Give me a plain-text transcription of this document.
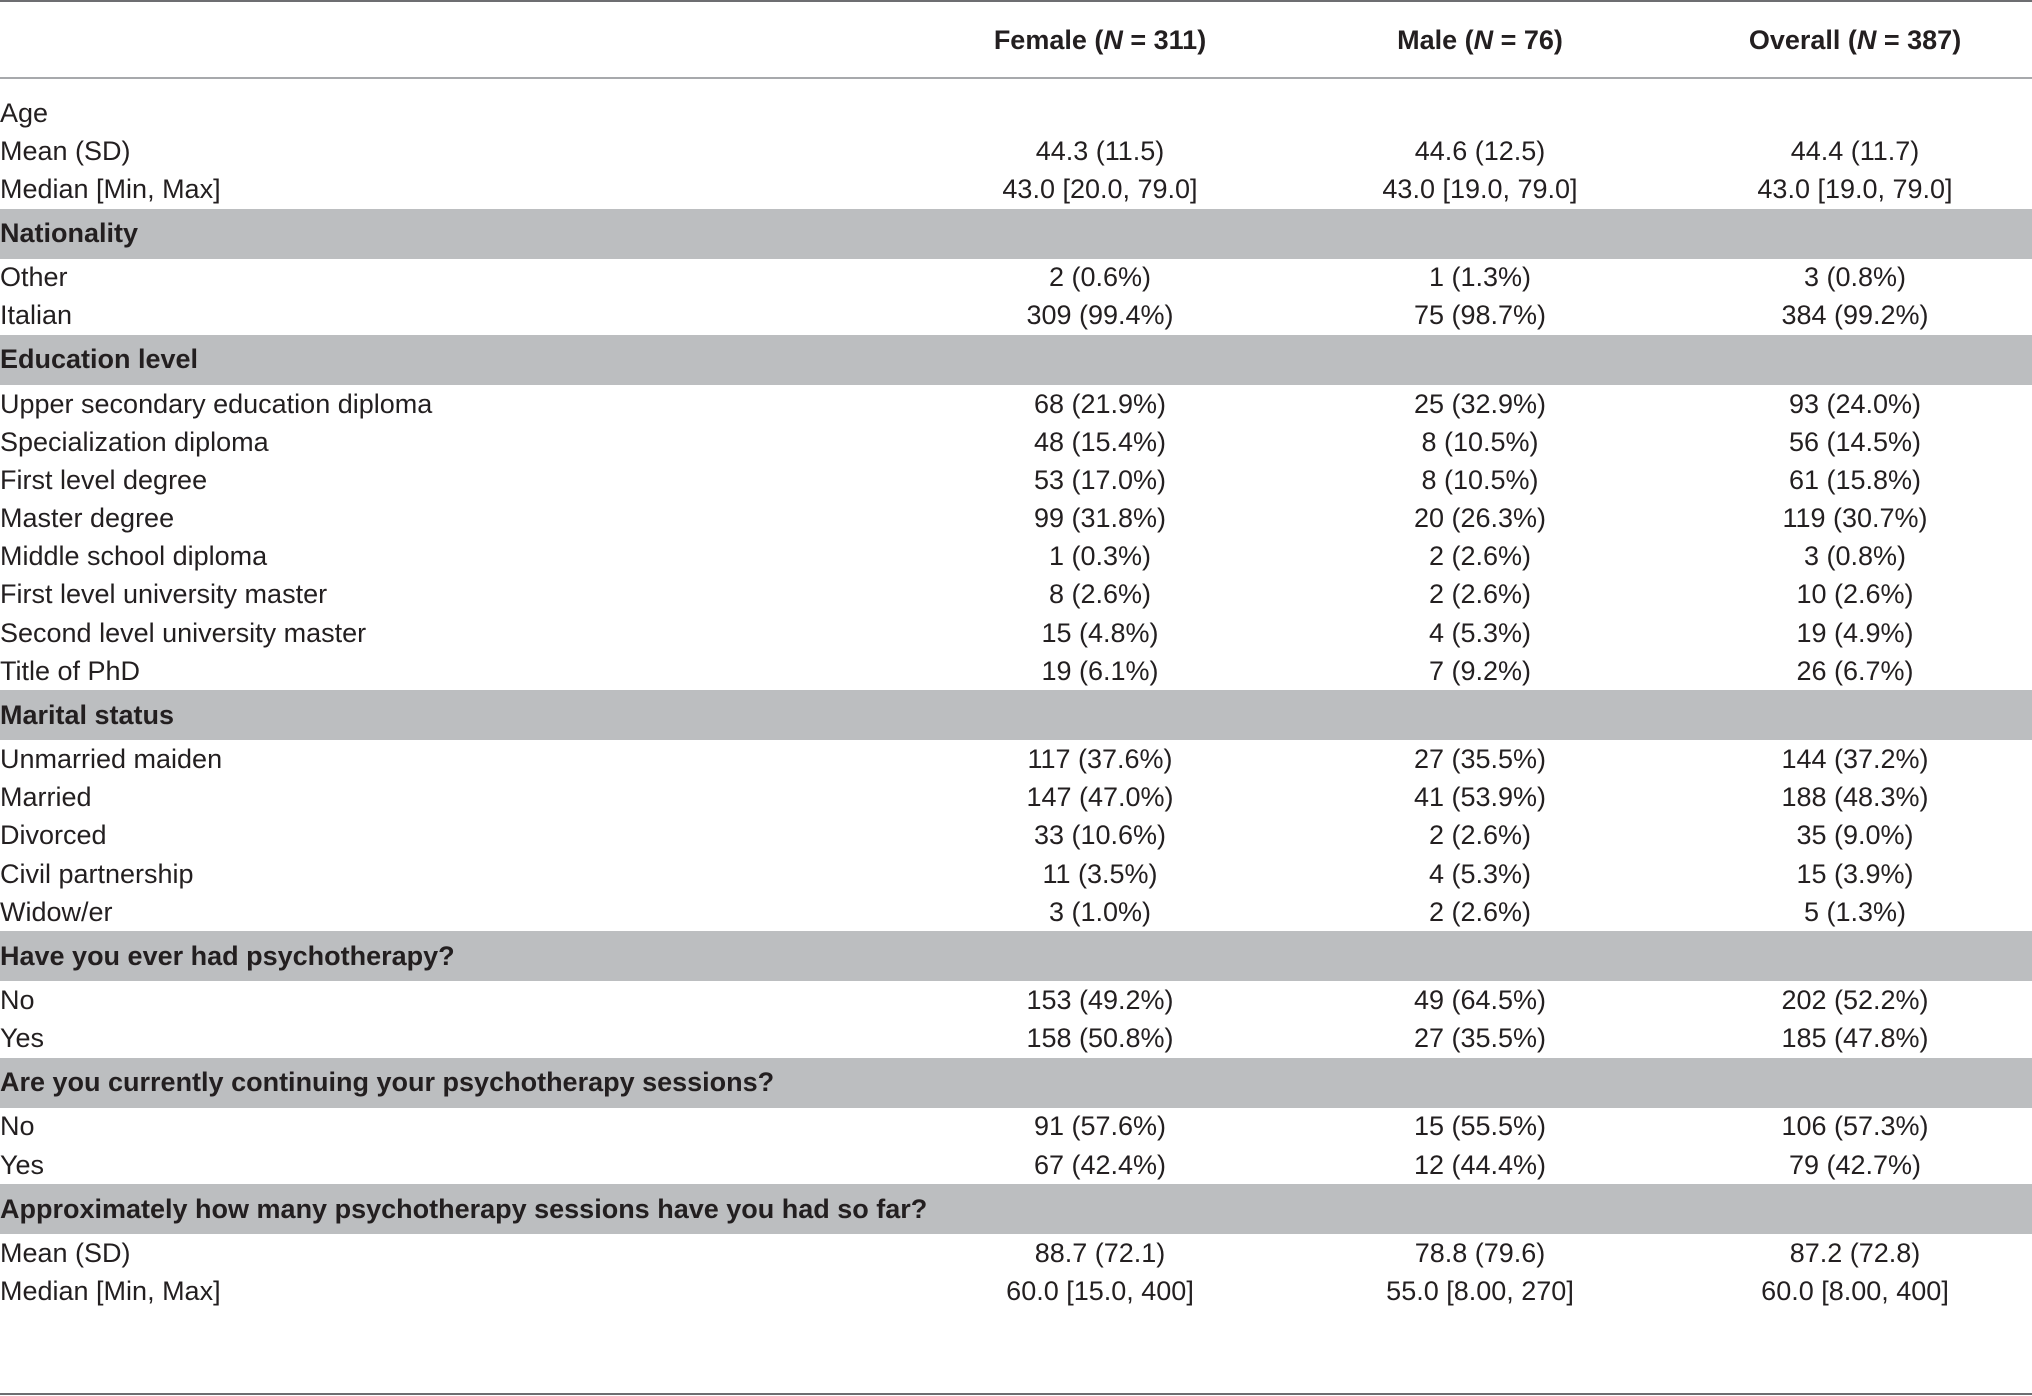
Female (N = 311)	Male (N = 76)	Overall (N = 387)
Age
Mean (SD)	44.3 (11.5)	44.6 (12.5)	44.4 (11.7)
Median [Min, Max]	43.0 [20.0, 79.0]	43.0 [19.0, 79.0]	43.0 [19.0, 79.0]
Nationality
Other	2 (0.6%)	1 (1.3%)	3 (0.8%)
Italian	309 (99.4%)	75 (98.7%)	384 (99.2%)
Education level
Upper secondary education diploma	68 (21.9%)	25 (32.9%)	93 (24.0%)
Specialization diploma	48 (15.4%)	8 (10.5%)	56 (14.5%)
First level degree	53 (17.0%)	8 (10.5%)	61 (15.8%)
Master degree	99 (31.8%)	20 (26.3%)	119 (30.7%)
Middle school diploma	1 (0.3%)	2 (2.6%)	3 (0.8%)
First level university master	8 (2.6%)	2 (2.6%)	10 (2.6%)
Second level university master	15 (4.8%)	4 (5.3%)	19 (4.9%)
Title of PhD	19 (6.1%)	7 (9.2%)	26 (6.7%)
Marital status
Unmarried maiden	117 (37.6%)	27 (35.5%)	144 (37.2%)
Married	147 (47.0%)	41 (53.9%)	188 (48.3%)
Divorced	33 (10.6%)	2 (2.6%)	35 (9.0%)
Civil partnership	11 (3.5%)	4 (5.3%)	15 (3.9%)
Widow/er	3 (1.0%)	2 (2.6%)	5 (1.3%)
Have you ever had psychotherapy?
No	153 (49.2%)	49 (64.5%)	202 (52.2%)
Yes	158 (50.8%)	27 (35.5%)	185 (47.8%)
Are you currently continuing your psychotherapy sessions?
No	91 (57.6%)	15 (55.5%)	106 (57.3%)
Yes	67 (42.4%)	12 (44.4%)	79 (42.7%)
Approximately how many psychotherapy sessions have you had so far?
Mean (SD)	88.7 (72.1)	78.8 (79.6)	87.2 (72.8)
Median [Min, Max]	60.0 [15.0, 400]	55.0 [8.00, 270]	60.0 [8.00, 400]
